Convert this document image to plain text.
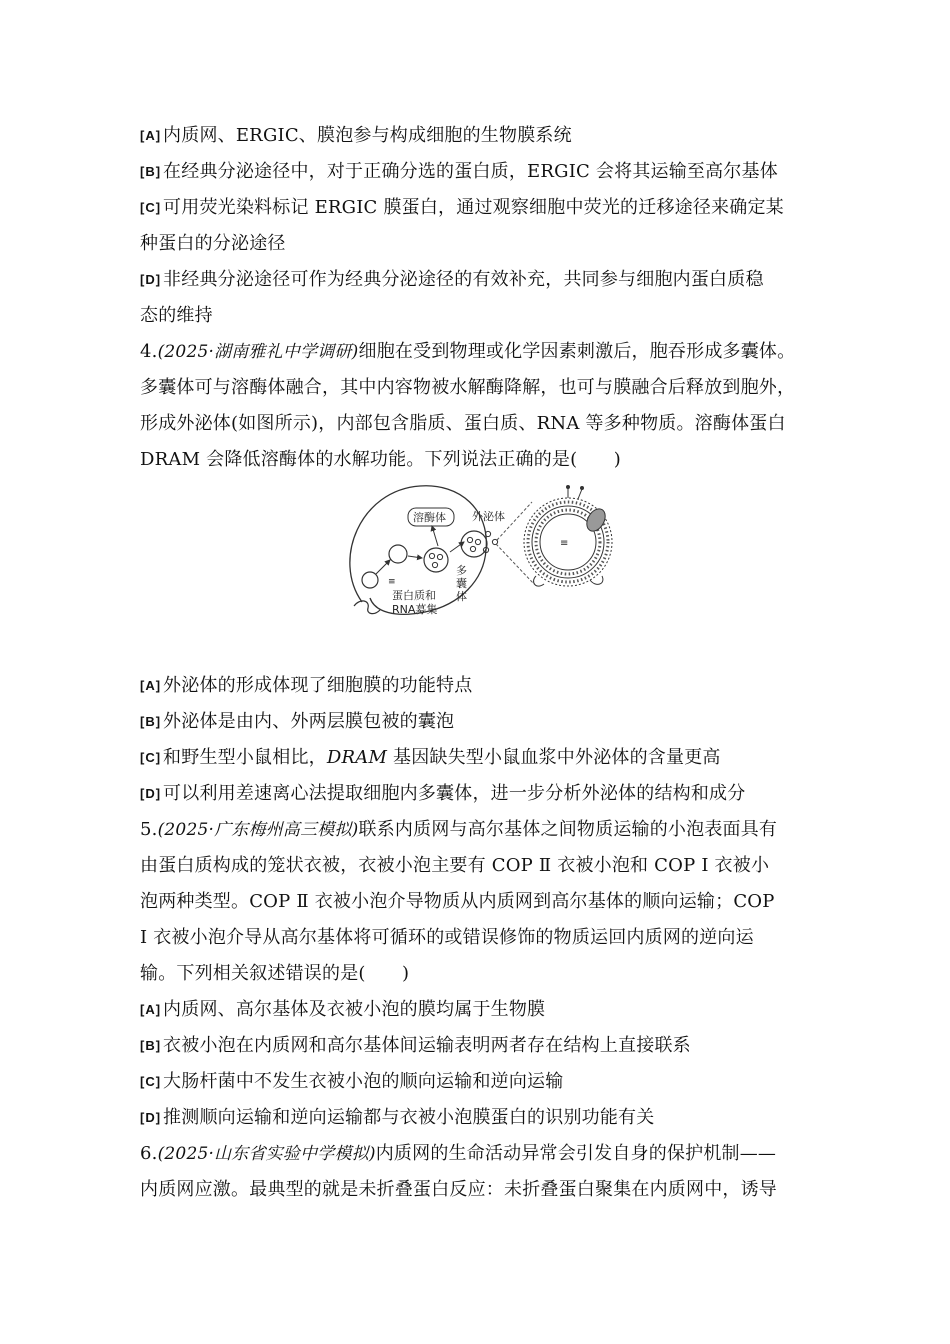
[A] 内质网、ERGIC、膜泡参与构成细胞的生物膜系统
[B] 在经典分泌途径中，对于正确分选的蛋白质，ERGIC 会将其运输至高尔基体
[C] 可用荧光染料标记 ERGIC 膜蛋白，通过观察细胞中荧光的迁移途径来确定某
种蛋白的分泌途径
[D] 非经典分泌途径可作为经典分泌途径的有效补充，共同参与细胞内蛋白质稳
态的维持
4.(2025·湖南雅礼中学调研)细胞在受到物理或化学因素刺激后，胞吞形成多囊体。
多囊体可与溶酶体融合，其中内容物被水解酶降解，也可与膜融合后释放到胞外，
形成外泌体(如图所示)，内部包含脂质、蛋白质、RNA 等多种物质。溶酶体蛋白
DRAM 会降低溶酶体的水解功能。下列说法正确的是(　　)
溶酶体
≡
蛋白质和
RNA募集
多
囊
体
外泌体
≡
[A] 外泌体的形成体现了细胞膜的功能特点
[B] 外泌体是由内、外两层膜包被的囊泡
[C] 和野生型小鼠相比，DRAM 基因缺失型小鼠血浆中外泌体的含量更高
[D] 可以利用差速离心法提取细胞内多囊体，进一步分析外泌体的结构和成分
5.(2025·广东梅州高三模拟)联系内质网与高尔基体之间物质运输的小泡表面具有
由蛋白质构成的笼状衣被，衣被小泡主要有 COP Ⅱ 衣被小泡和 COP Ⅰ 衣被小
泡两种类型。COP Ⅱ 衣被小泡介导物质从内质网到高尔基体的顺向运输；COP
Ⅰ 衣被小泡介导从高尔基体将可循环的或错误修饰的物质运回内质网的逆向运
输。下列相关叙述错误的是(　　)
[A] 内质网、高尔基体及衣被小泡的膜均属于生物膜
[B] 衣被小泡在内质网和高尔基体间运输表明两者存在结构上直接联系
[C] 大肠杆菌中不发生衣被小泡的顺向运输和逆向运输
[D] 推测顺向运输和逆向运输都与衣被小泡膜蛋白的识别功能有关
6.(2025·山东省实验中学模拟)内质网的生命活动异常会引发自身的保护机制——
内质网应激。最典型的就是未折叠蛋白反应：未折叠蛋白聚集在内质网中，诱导
